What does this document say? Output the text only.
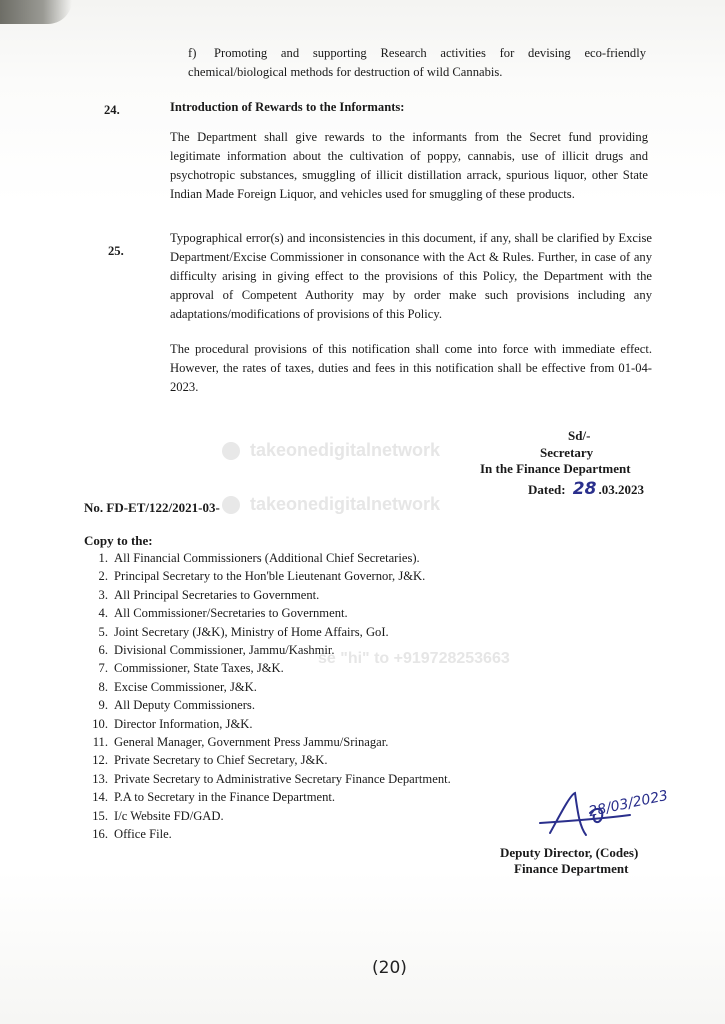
takeonedigitalnetwork
takeonedigitalnetwork
se "hi" to +919728253663
f)	Promoting and supporting Research activities for devising eco-friendly chemical/biological methods for destruction of wild Cannabis.
24.	Introduction of Rewards to the Informants:
The Department shall give rewards to the informants from the Secret fund providing legitimate information about the cultivation of poppy, cannabis, use of illicit drugs and psychotropic substances, smuggling of illicit distillation arrack, spurious liquor, other State Indian Made Foreign Liquor, and vehicles used for smuggling of these products.
25.
Typographical error(s) and inconsistencies in this document, if any, shall be clarified by Excise Department/Excise Commissioner in consonance with the Act & Rules. Further, in case of any difficulty arising in giving effect to the provisions of this Policy, the Department with the approval of Competent Authority may by order make such provisions including any adaptations/modifications of provisions of this Policy.
The procedural provisions of this notification shall come into force with immediate effect. However, the rates of taxes, duties and fees in this notification shall be effective from 01-04-2023.
Sd/-
Secretary
In the Finance Department
Dated: 28 .03.2023
No. FD-ET/122/2021-03-
Copy to the:
1. All Financial Commissioners (Additional Chief Secretaries).
2. Principal Secretary to the Hon'ble Lieutenant Governor, J&K.
3. All Principal Secretaries to Government.
4. All Commissioner/Secretaries to Government.
5. Joint Secretary (J&K), Ministry of Home Affairs, GoI.
6. Divisional Commissioner, Jammu/Kashmir.
7. Commissioner, State Taxes, J&K.
8. Excise Commissioner, J&K.
9. All Deputy Commissioners.
10. Director Information, J&K.
11. General Manager, Government Press Jammu/Srinagar.
12. Private Secretary to Chief Secretary, J&K.
13. Private Secretary to Administrative Secretary Finance Department.
14. P.A to Secretary in the Finance Department.
15. I/c Website FD/GAD.
16. Office File.
28/03/2023
Deputy Director, (Codes)
Finance Department
(20)
